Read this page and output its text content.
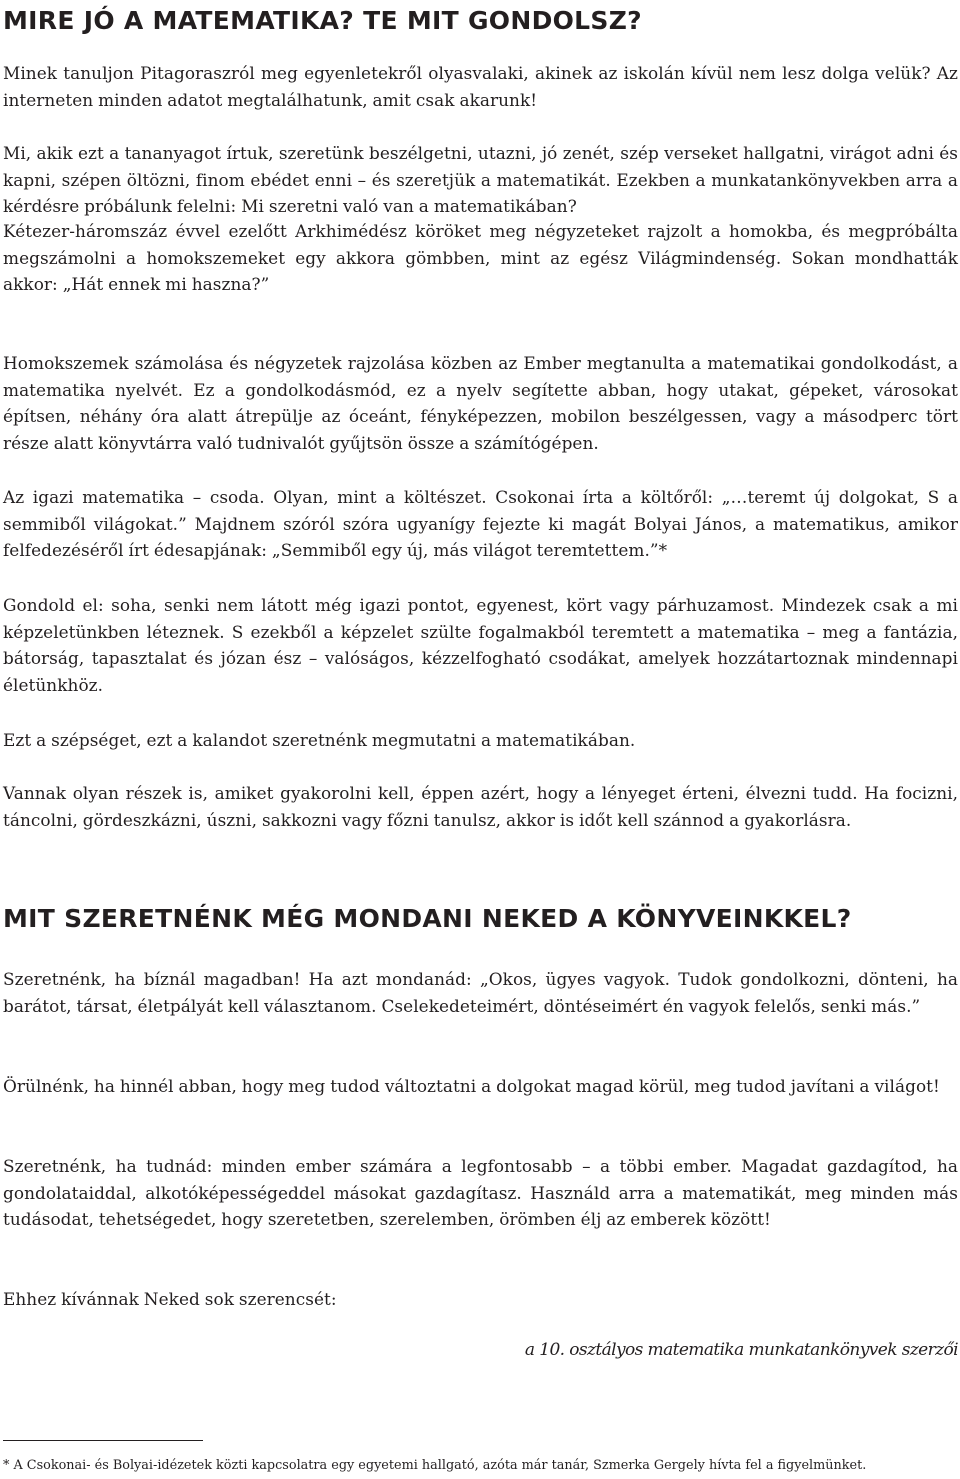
MIRE JÓ A MATEMATIKA? TE MIT GONDOLSZ?

Minek tanuljon Pitagoraszról meg egyenletekről olyasvalaki, akinek az iskolán kívül nem lesz dolga velük? Az interneten minden adatot megtalálhatunk, amit csak akarunk!

Mi, akik ezt a tananyagot írtuk, szeretünk beszélgetni, utazni, jó zenét, szép verseket hallgatni, virágot adni és kapni, szépen öltözni, finom ebédet enni – és szeretjük a matematikát. Ezekben a munkatankönyvekben arra a kérdésre próbálunk felelni: Mi szeretni való van a matematikában?

Kétezer-háromszáz évvel ezelőtt Arkhimédész köröket meg négyzeteket rajzolt a homokba, és megpróbálta megszámolni a homokszemeket egy akkora gömbben, mint az egész Világmindenség. Sokan mondhatták akkor: „Hát ennek mi haszna?”

Homokszemek számolása és négyzetek rajzolása közben az Ember megtanulta a matematikai gondolkodást, a matematika nyelvét. Ez a gondolkodásmód, ez a nyelv segítette abban, hogy utakat, gépeket, városokat építsen, néhány óra alatt átrepülje az óceánt, fényképezzen, mobilon beszélgessen, vagy a másodperc tört része alatt könyvtárra való tudnivalót gyűjtsön össze a számítógépen.

Az igazi matematika – csoda. Olyan, mint a költészet. Csokonai írta a költőről: „…teremt új dolgokat, S a semmiből világokat.” Majdnem szóról szóra ugyanígy fejezte ki magát Bolyai János, a matematikus, amikor felfedezéséről írt édesapjának: „Semmiből egy új, más világot teremtettem.”*

Gondold el: soha, senki nem látott még igazi pontot, egyenest, kört vagy párhuzamost. Mindezek csak a mi képzeletünkben léteznek. S ezekből a képzelet szülte fogalmakból teremtett a matematika – meg a fantázia, bátorság, tapasztalat és józan ész – valóságos, kézzelfogható csodákat, amelyek hozzátartoznak mindennapi életünkhöz.

Ezt a szépséget, ezt a kalandot szeretnénk megmutatni a matematikában.

Vannak olyan részek is, amiket gyakorolni kell, éppen azért, hogy a lényeget érteni, élvezni tudd. Ha focizni, táncolni, gördeszkázni, úszni, sakkozni vagy főzni tanulsz, akkor is időt kell szánnod a gyakorlásra.

MIT SZERETNÉNK MÉG MONDANI NEKED A KÖNYVEINKKEL?

Szeretnénk, ha bíznál magadban! Ha azt mondanád: „Okos, ügyes vagyok. Tudok gondolkozni, dönteni, ha barátot, társat, életpályát kell választanom. Cselekedeteimért, döntéseimért én vagyok felelős, senki más.”

Örülnénk, ha hinnél abban, hogy meg tudod változtatni a dolgokat magad körül, meg tudod javítani a világot!

Szeretnénk, ha tudnád: minden ember számára a legfontosabb – a többi ember. Magadat gazdagítod, ha gondolataiddal, alkotóképességeddel másokat gazdagítasz. Használd arra a matematikát, meg minden más tudásodat, tehetségedet, hogy szeretetben, szerelemben, örömben élj az emberek között!

Ehhez kívánnak Neked sok szerencsét:

a 10. osztályos matematika munkatankönyvek szerzői
* A Csokonai- és Bolyai-idézetek közti kapcsolatra egy egyetemi hallgató, azóta már tanár, Szmerka Gergely hívta fel a figyelmünket.
